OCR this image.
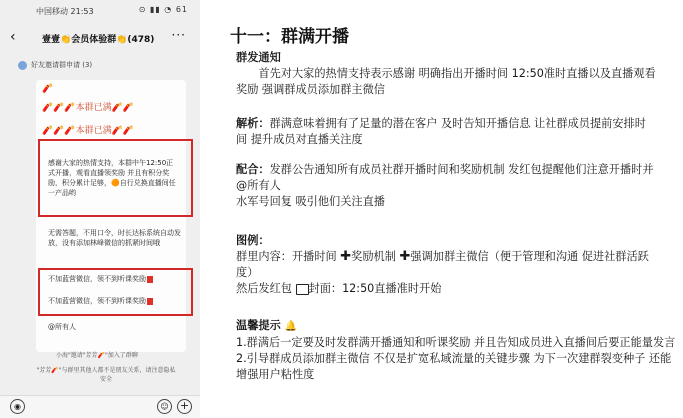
中国移动 21:53	⊙ ▮▮ ◔ 61
‹	壹壹👏会员体验群👏(478) ···
好友邀请群申请 (3)
🧨
🧨🧨🧨本群已满🧨🧨
🧨🧨🧨本群已满🧨🧨
感谢大家的热情支持，本群中午12:50正式开播，观看直播领奖励 并且有积分奖励，积分累计足够，🟠自行兑换直播间任一产品哟
无需答题，不用口令，时长达标系统自动发放，没有添加林峰微信的抓紧时间哦
不加蓝营微信，领不到听课奖励
不加蓝营微信，领不到听课奖励
@所有人
小海"邀请"芳芳🧨"加入了群聊
"芳芳🧨"与群里其他人都不是朋友关系，请注意隐私安全
◉	☺	+
十一：群满开播
群发通知
首先对大家的热情支持表示感谢 明确指出开播时间 12:50准时直播以及直播观看奖励 强调群成员添加群主微信
解析：群满意味着拥有了足量的潜在客户 及时告知开播信息 让社群成员提前安排时间 提升成员对直播关注度
配合：发群公告通知所有成员社群开播时间和奖励机制 发红包提醒他们注意开播时并@所有人
水军号回复 吸引他们关注直播
图例：
群里内容：开播时间 ✚奖励机制 ✚强调加群主微信（便于管理和沟通 促进社群活跃度）
然后发红包 封面：12:50直播准时开始
温馨提示 🔔
1.群满后一定要及时发群满开播通知和听课奖励 并且告知成员进入直播间后要正能量发言
2.引导群成员添加群主微信 不仅是扩宽私域流量的关键步骤 为下一次建群裂变种子 还能增强用户粘性度
